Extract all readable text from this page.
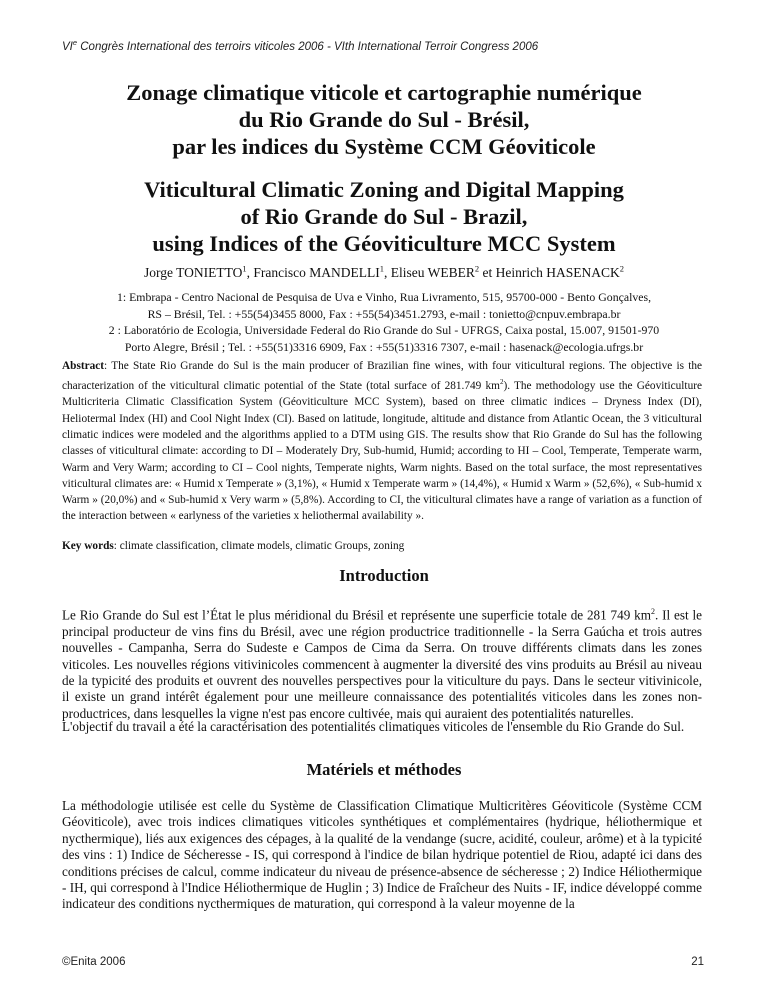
VIe Congrès International des terroirs viticoles 2006 - VIth International Terroir Congress 2006
Zonage climatique viticole et cartographie numérique
du Rio Grande do Sul - Brésil,
par les indices du Système CCM Géoviticole
Viticultural Climatic Zoning and Digital Mapping
of Rio Grande do Sul - Brazil,
using Indices of the Géoviticulture MCC System
Jorge TONIETTO$^1$, Francisco MANDELLI$^1$, Eliseu WEBER$^2$ et Heinrich HASENACK$^2$
1: Embrapa - Centro Nacional de Pesquisa de Uva e Vinho, Rua Livramento, 515, 95700-000 - Bento Gonçalves,
RS – Brésil, Tel. : +55(54)3455 8000, Fax : +55(54)3451.2793, e-mail : tonietto@cnpuv.embrapa.br
2 : Laboratório de Ecologia, Universidade Federal do Rio Grande do Sul - UFRGS, Caixa postal, 15.007, 91501-970
Porto Alegre, Brésil ; Tel. : +55(51)3316 6909, Fax : +55(51)3316 7307, e-mail : hasenack@ecologia.ufrgs.br
Abstract: The State Rio Grande do Sul is the main producer of Brazilian fine wines, with four viticultural regions. The objective is the characterization of the viticultural climatic potential of the State (total surface of 281.749 $km^2$). The methodology use the Géoviticulture Multicriteria Climatic Classification System (Géoviticulture MCC System), based on three climatic indices – Dryness Index (DI), Heliotermal Index (HI) and Cool Night Index (CI). Based on latitude, longitude, altitude and distance from Atlantic Ocean, the 3 viticultural climatic indices were modeled and the algorithms applied to a DTM using GIS. The results show that Rio Grande do Sul has the following classes of viticultural climate: according to DI – Moderately Dry, Sub-humid, Humid; according to HI – Cool, Temperate, Temperate warm, Warm and Very Warm; according to CI – Cool nights, Temperate nights, Warm nights. Based on the total surface, the most representatives viticultural climates are: « Humid x Temperate » (3,1%), « Humid x Temperate warm » (14,4%), « Humid x Warm » (52,6%), « Sub-humid x Warm » (20,0%) and « Sub-humid x Very warm » (5,8%). According to CI, the viticultural climates have a range of variation as a function of the interaction between « earlyness of the varieties x heliothermal availability ».
Key words: climate classification, climate models, climatic Groups, zoning
Introduction
Le Rio Grande do Sul est l’État le plus méridional du Brésil et représente une superficie totale de 281 749 $km^2$. Il est le principal producteur de vins fins du Brésil, avec une région productrice traditionnelle - la Serra Gaúcha et trois autres nouvelles - Campanha, Serra do Sudeste e Campos de Cima da Serra. On trouve différents climats dans les zones viticoles. Les nouvelles régions vitivinicoles commencent à augmenter la diversité des vins produits au Brésil au niveau de la typicité des produits et ouvrent des nouvelles perspectives pour la viticulture du pays. Dans le secteur vitivinicole, il existe un grand intérêt également pour une meilleure connaissance des potentialités viticoles dans les zones non-productrices, dans lesquelles la vigne n'est pas encore cultivée, mais qui auraient des potentialités naturelles.
L'objectif du travail a été la caractérisation des potentialités climatiques viticoles de l'ensemble du Rio Grande do Sul.
Matériels et méthodes
La méthodologie utilisée est celle du Système de Classification Climatique Multicritères Géoviticole (Système CCM Géoviticole), avec trois indices climatiques viticoles synthétiques et complémentaires (hydrique, héliothermique et nycthermique), liés aux exigences des cépages, à la qualité de la vendange (sucre, acidité, couleur, arôme) et à la typicité des vins : 1) Indice de Sécheresse - IS, qui correspond à l'indice de bilan hydrique potentiel de Riou, adapté ici dans des conditions précises de calcul, comme indicateur du niveau de présence-absence de sécheresse ; 2) Indice Héliothermique - IH, qui correspond à l'Indice Héliothermique de Huglin ; 3) Indice de Fraîcheur des Nuits - IF, indice développé comme indicateur des conditions nycthermiques de maturation, qui correspond à la valeur moyenne de la
©Enita 2006	21
